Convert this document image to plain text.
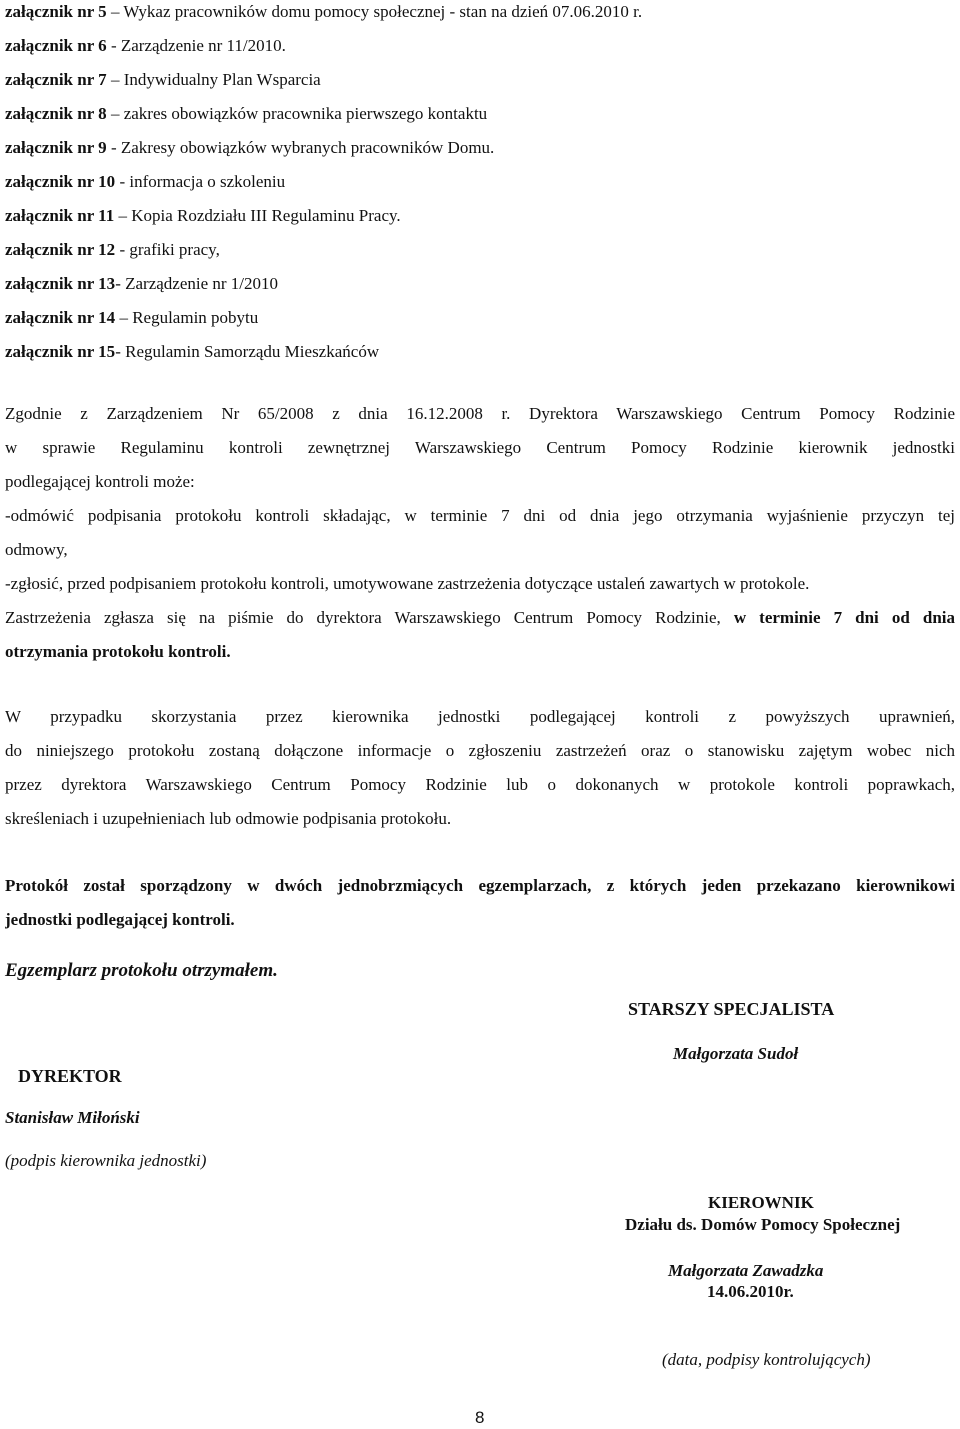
załącznik nr 5 – Wykaz pracowników domu pomocy społecznej - stan na dzień 07.06.2010 r.
załącznik nr 6 - Zarządzenie nr 11/2010.
załącznik nr 7 – Indywidualny Plan Wsparcia
załącznik nr 8 – zakres obowiązków pracownika pierwszego kontaktu
załącznik nr 9 - Zakresy obowiązków wybranych pracowników Domu.
załącznik nr 10 - informacja o szkoleniu
załącznik nr 11 – Kopia Rozdziału III Regulaminu Pracy.
załącznik nr 12 - grafiki pracy,
załącznik nr 13- Zarządzenie nr 1/2010
załącznik nr 14 – Regulamin pobytu
załącznik nr 15- Regulamin Samorządu Mieszkańców
Zgodnie z Zarządzeniem Nr 65/2008 z dnia 16.12.2008 r. Dyrektora Warszawskiego Centrum Pomocy Rodzinie
w sprawie Regulaminu kontroli zewnętrznej Warszawskiego Centrum Pomocy Rodzinie kierownik jednostki
podlegającej kontroli może:
-odmówić podpisania protokołu kontroli składając, w terminie 7 dni od dnia jego otrzymania wyjaśnienie przyczyn tej
odmowy,
-zgłosić, przed podpisaniem protokołu kontroli, umotywowane zastrzeżenia dotyczące ustaleń zawartych w protokole.
Zastrzeżenia zgłasza się na piśmie do dyrektora Warszawskiego Centrum Pomocy Rodzinie, w terminie 7 dni od dnia
otrzymania protokołu kontroli.
W przypadku skorzystania przez kierownika jednostki podlegającej kontroli z powyższych uprawnień,
do niniejszego protokołu zostaną dołączone informacje o zgłoszeniu zastrzeżeń oraz o stanowisku zajętym wobec nich
przez dyrektora Warszawskiego Centrum Pomocy Rodzinie lub o dokonanych w protokole kontroli poprawkach,
skreśleniach i uzupełnieniach lub odmowie podpisania protokołu.
Protokół został sporządzony w dwóch jednobrzmiących egzemplarzach, z których jeden przekazano kierownikowi
jednostki podlegającej kontroli.
Egzemplarz protokołu otrzymałem.
DYREKTOR
Stanisław Miłoński
(podpis kierownika jednostki)
STARSZY SPECJALISTA
Małgorzata Sudoł
KIEROWNIK
Działu ds. Domów Pomocy Społecznej
Małgorzata Zawadzka
14.06.2010r.
(data, podpisy kontrolujących)
8
